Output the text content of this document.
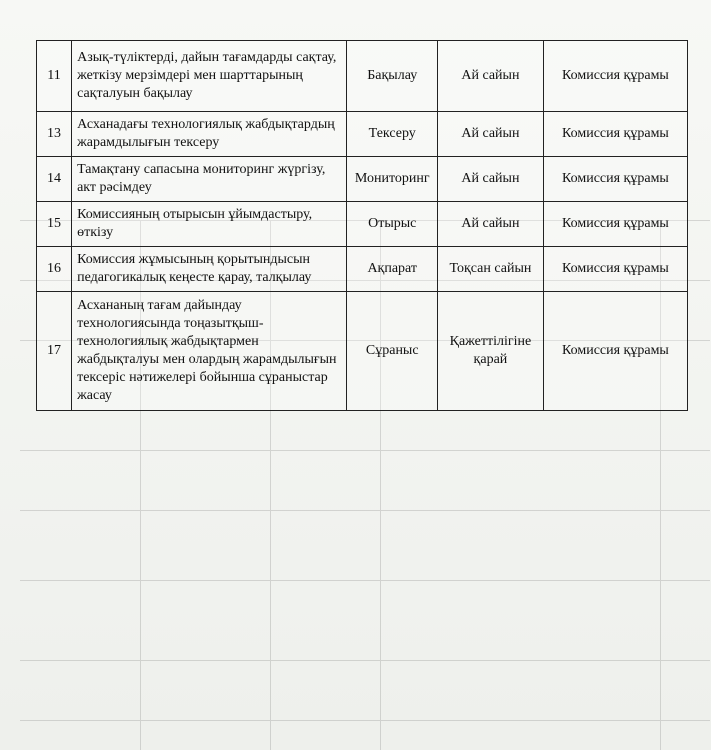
11	Азық-түліктерді, дайын тағамдарды сақтау, жеткізу мерзімдері мен шарттарының сақталуын бақылау	Бақылау	Ай сайын	Комиссия құрамы
13	Асханадағы технологиялық жабдықтардың жарамдылығын тексеру	Тексеру	Ай сайын	Комиссия құрамы
14	Тамақтану сапасына мониторинг жүргізу, акт рәсімдеу	Мониторинг	Ай сайын	Комиссия құрамы
15	Комиссияның отырысын ұйымдастыру, өткізу	Отырыс	Ай сайын	Комиссия құрамы
16	Комиссия жұмысының қорытындысын педагогикалық кеңесте қарау, талқылау	Ақпарат	Тоқсан сайын	Комиссия құрамы
17	Асхананың тағам дайындау технологиясында тоңазытқыш-технологиялық жабдықтармен жабдықталуы мен олардың жарамдылығын тексеріс нәтижелері бойынша сұраныстар жасау	Сұраныс	Қажеттілігіне қарай	Комиссия құрамы
